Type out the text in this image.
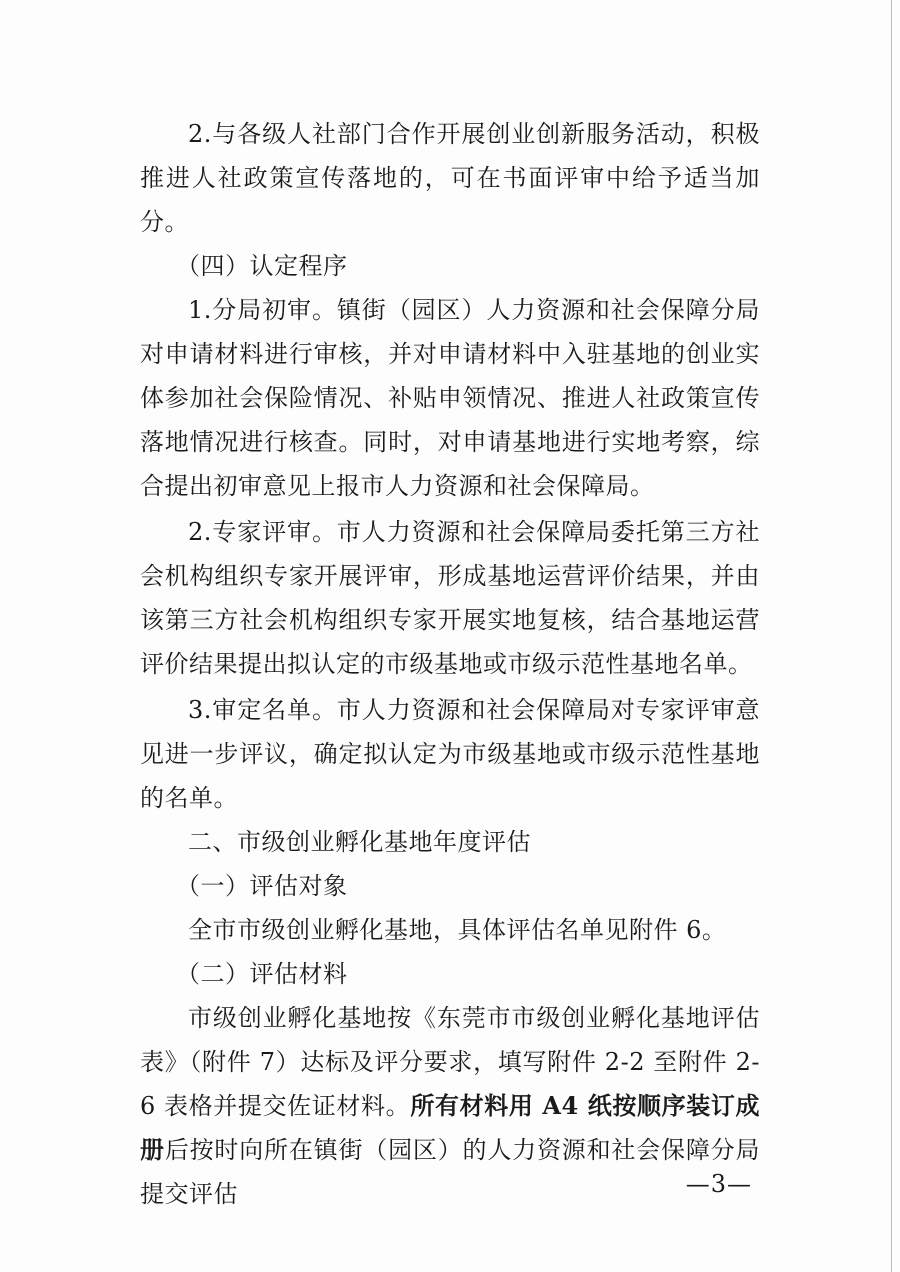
2.与各级人社部门合作开展创业创新服务活动，积极推进人社政策宣传落地的，可在书面评审中给予适当加分。

（四）认定程序

1.分局初审。镇街（园区）人力资源和社会保障分局对申请材料进行审核，并对申请材料中入驻基地的创业实体参加社会保险情况、补贴申领情况、推进人社政策宣传落地情况进行核查。同时，对申请基地进行实地考察，综合提出初审意见上报市人力资源和社会保障局。

2.专家评审。市人力资源和社会保障局委托第三方社会机构组织专家开展评审，形成基地运营评价结果，并由该第三方社会机构组织专家开展实地复核，结合基地运营评价结果提出拟认定的市级基地或市级示范性基地名单。

3.审定名单。市人力资源和社会保障局对专家评审意见进一步评议，确定拟认定为市级基地或市级示范性基地的名单。

二、市级创业孵化基地年度评估

（一）评估对象

全市市级创业孵化基地，具体评估名单见附件 6。

（二）评估材料

市级创业孵化基地按《东莞市市级创业孵化基地评估表》（附件 7）达标及评分要求，填写附件 2-2 至附件 2-6 表格并提交佐证材料。所有材料用 A4 纸按顺序装订成册后按时向所在镇街（园区）的人力资源和社会保障分局提交评估	—3—
